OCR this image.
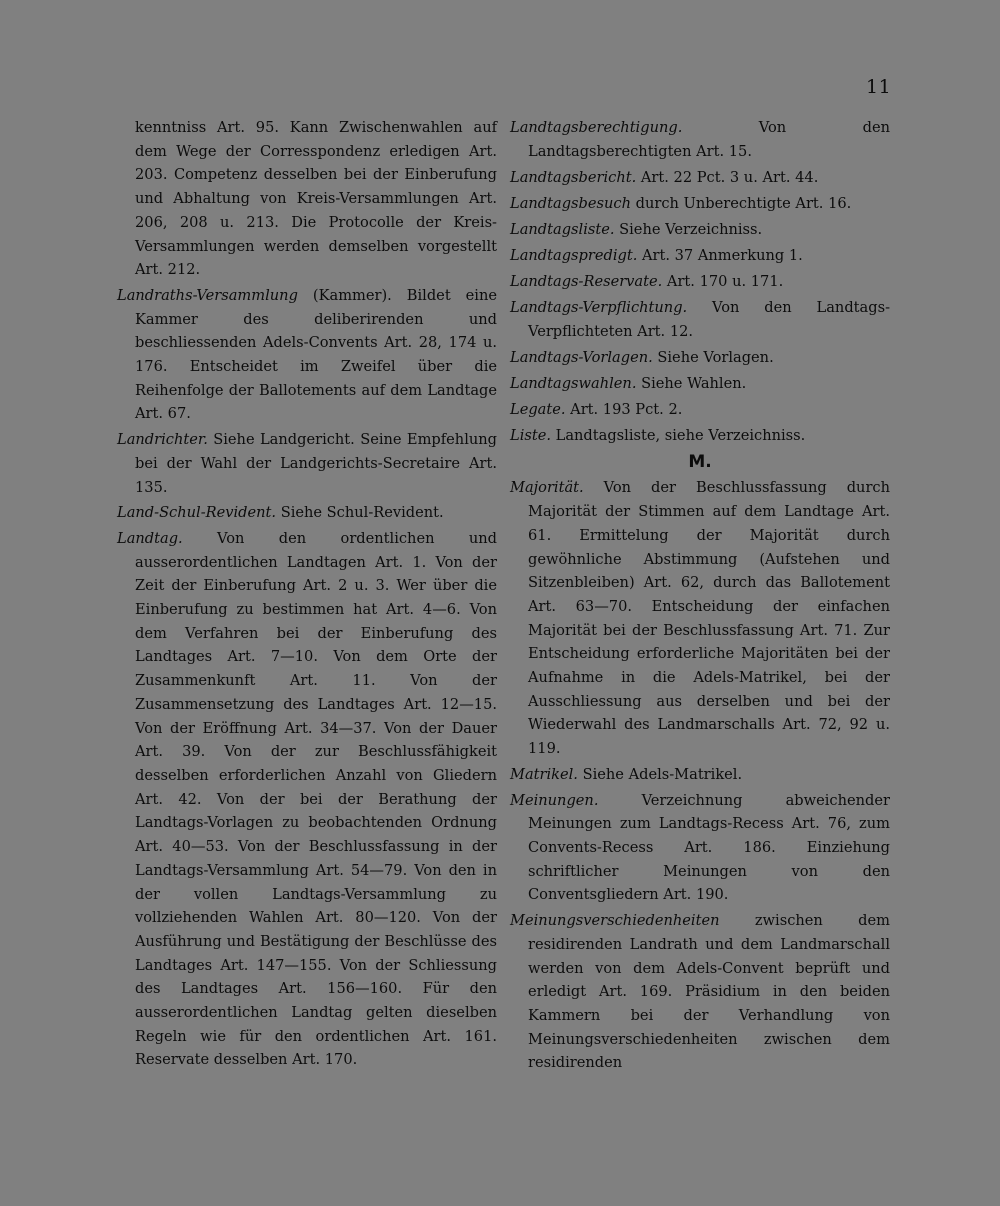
11

kenntniss Art. 95. Kann Zwischenwahlen auf dem Wege der Corresspondenz erledigen Art. 203. Competenz desselben bei der Einberufung und Abhaltung von Kreis-Versammlungen Art. 206, 208 u. 213. Die Protocolle der Kreis-Versammlungen werden demselben vorgestellt Art. 212.

Landraths-Versammlung (Kammer). Bildet eine Kammer des deliberirenden und beschliessenden Adels-Convents Art. 28, 174 u. 176. Entscheidet im Zweifel über die Reihenfolge der Ballotements auf dem Landtage Art. 67.

Landrichter. Siehe Landgericht. Seine Empfehlung bei der Wahl der Landgerichts-Secretaire Art. 135.

Land-Schul-Revident. Siehe Schul-Revident.

Landtag. Von den ordentlichen und ausserordentlichen Landtagen Art. 1. Von der Zeit der Einberufung Art. 2 u. 3. Wer über die Einberufung zu bestimmen hat Art. 4—6. Von dem Verfahren bei der Einberufung des Landtages Art. 7—10. Von dem Orte der Zusammenkunft Art. 11. Von der Zusammensetzung des Landtages Art. 12—15. Von der Eröffnung Art. 34—37. Von der Dauer Art. 39. Von der zur Beschlussfähigkeit desselben erforderlichen Anzahl von Gliedern Art. 42. Von der bei der Berathung der Landtags-Vorlagen zu beobachtenden Ordnung Art. 40—53. Von der Beschlussfassung in der Landtags-Versammlung Art. 54—79. Von den in der vollen Landtags-Versammlung zu vollziehenden Wahlen Art. 80—120. Von der Ausführung und Bestätigung der Beschlüsse des Landtages Art. 147—155. Von der Schliessung des Landtages Art. 156—160. Für den ausserordentlichen Landtag gelten dieselben Regeln wie für den ordentlichen Art. 161. Reservate desselben Art. 170.

Landtagsberechtigung. Von den Landtagsberechtigten Art. 15.

Landtagsbericht. Art. 22 Pct. 3 u. Art. 44.

Landtagsbesuch durch Unberechtigte Art. 16.

Landtagsliste. Siehe Verzeichniss.

Landtagspredigt. Art. 37 Anmerkung 1.

Landtags-Reservate. Art. 170 u. 171.

Landtags-Verpflichtung. Von den Landtags-Verpflichteten Art. 12.

Landtags-Vorlagen. Siehe Vorlagen.

Landtagswahlen. Siehe Wahlen.

Legate. Art. 193 Pct. 2.

Liste. Landtagsliste, siehe Verzeichniss.

M.

Majorität. Von der Beschlussfassung durch Majorität der Stimmen auf dem Landtage Art. 61. Ermittelung der Majorität durch gewöhnliche Abstimmung (Aufstehen und Sitzenbleiben) Art. 62, durch das Ballotement Art. 63—70. Entscheidung der einfachen Majorität bei der Beschlussfassung Art. 71. Zur Entscheidung erforderliche Majoritäten bei der Aufnahme in die Adels-Matrikel, bei der Ausschliessung aus derselben und bei der Wiederwahl des Landmarschalls Art. 72, 92 u. 119.

Matrikel. Siehe Adels-Matrikel.

Meinungen. Verzeichnung abweichender Meinungen zum Landtags-Recess Art. 76, zum Convents-Recess Art. 186. Einziehung schriftlicher Meinungen von den Conventsgliedern Art. 190.

Meinungsverschiedenheiten zwischen dem residirenden Landrath und dem Landmarschall werden von dem Adels-Convent beprüft und erledigt Art. 169. Präsidium in den beiden Kammern bei der Verhandlung von Meinungsverschiedenheiten zwischen dem residirenden
